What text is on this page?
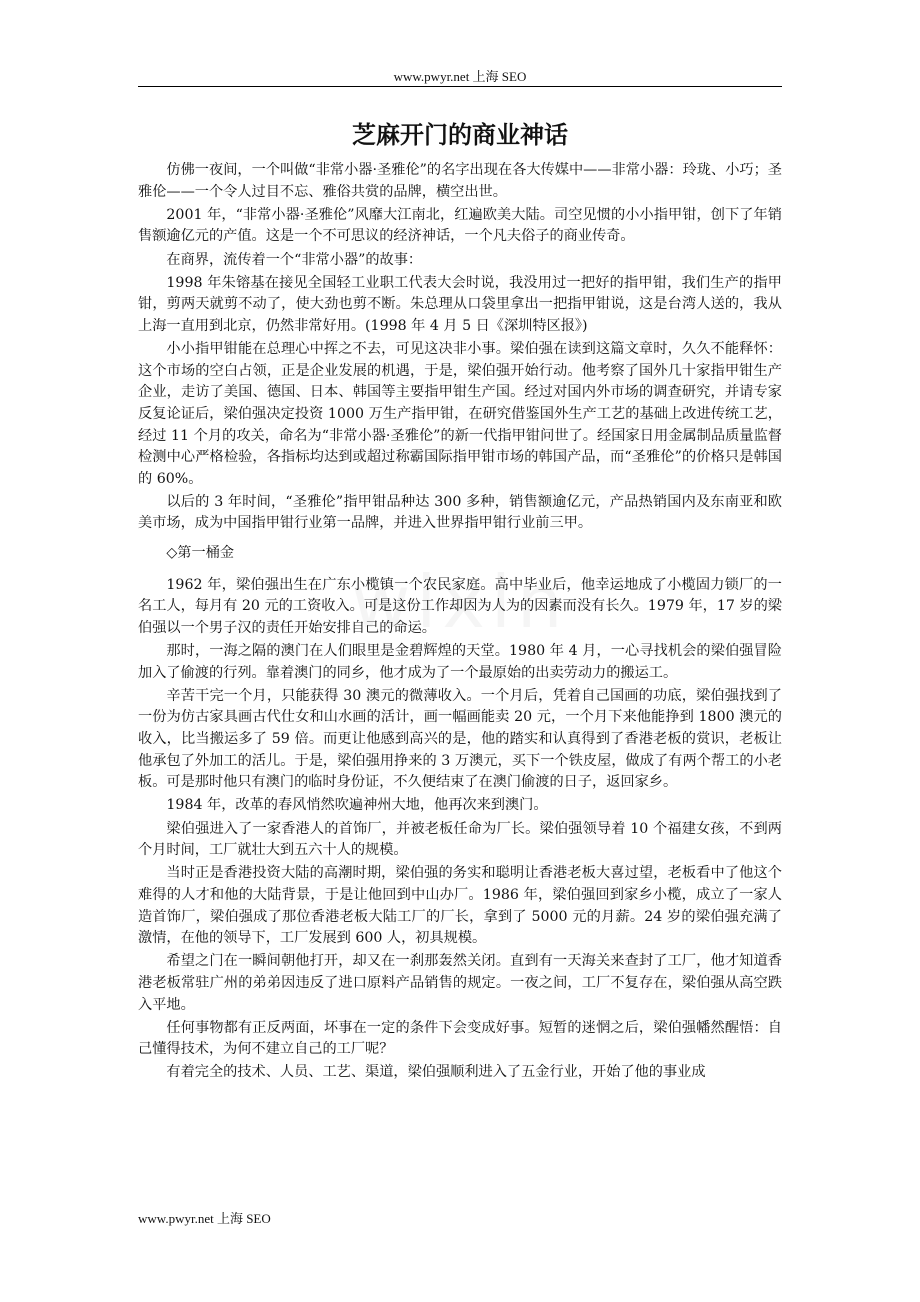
www.pwyr.net 上海 SEO
芝麻开门的商业神话

仿佛一夜间，一个叫做“非常小器·圣雅伦”的名字出现在各大传媒中——非常小器：玲珑、小巧；圣雅伦——一个令人过目不忘、雅俗共赏的品牌，横空出世。

2001 年，“非常小器·圣雅伦”风靡大江南北，红遍欧美大陆。司空见惯的小小指甲钳，创下了年销售额逾亿元的产值。这是一个不可思议的经济神话，一个凡夫俗子的商业传奇。

在商界，流传着一个“非常小器”的故事：

1998 年朱镕基在接见全国轻工业职工代表大会时说，我没用过一把好的指甲钳，我们生产的指甲钳，剪两天就剪不动了，使大劲也剪不断。朱总理从口袋里拿出一把指甲钳说，这是台湾人送的，我从上海一直用到北京，仍然非常好用。(1998 年 4 月 5 日《深圳特区报》)

小小指甲钳能在总理心中挥之不去，可见这决非小事。梁伯强在读到这篇文章时，久久不能释怀：这个市场的空白占领，正是企业发展的机遇，于是，梁伯强开始行动。他考察了国外几十家指甲钳生产企业，走访了美国、德国、日本、韩国等主要指甲钳生产国。经过对国内外市场的调查研究，并请专家反复论证后，梁伯强决定投资 1000 万生产指甲钳，在研究借鉴国外生产工艺的基础上改进传统工艺，经过 11 个月的攻关，命名为“非常小器·圣雅伦”的新一代指甲钳问世了。经国家日用金属制品质量监督检测中心严格检验，各指标均达到或超过称霸国际指甲钳市场的韩国产品，而“圣雅伦”的价格只是韩国的 60%。

以后的 3 年时间，“圣雅伦”指甲钳品种达 300 多种，销售额逾亿元，产品热销国内及东南亚和欧美市场，成为中国指甲钳行业第一品牌，并进入世界指甲钳行业前三甲。

◇第一桶金

1962 年，梁伯强出生在广东小榄镇一个农民家庭。高中毕业后，他幸运地成了小榄固力锁厂的一名工人，每月有 20 元的工资收入。可是这份工作却因为人为的因素而没有长久。1979 年，17 岁的梁伯强以一个男子汉的责任开始安排自己的命运。

那时，一海之隔的澳门在人们眼里是金碧辉煌的天堂。1980 年 4 月，一心寻找机会的梁伯强冒险加入了偷渡的行列。靠着澳门的同乡，他才成为了一个最原始的出卖劳动力的搬运工。

辛苦干完一个月，只能获得 30 澳元的微薄收入。一个月后，凭着自己国画的功底，梁伯强找到了一份为仿古家具画古代仕女和山水画的活计，画一幅画能卖 20 元，一个月下来他能挣到 1800 澳元的收入，比当搬运多了 59 倍。而更让他感到高兴的是，他的踏实和认真得到了香港老板的赏识，老板让他承包了外加工的活儿。于是，梁伯强用挣来的 3 万澳元，买下一个铁皮屋，做成了有两个帮工的小老板。可是那时他只有澳门的临时身份证，不久便结束了在澳门偷渡的日子，返回家乡。

1984 年，改革的春风悄然吹遍神州大地，他再次来到澳门。

梁伯强进入了一家香港人的首饰厂，并被老板任命为厂长。梁伯强领导着 10 个福建女孩，不到两个月时间，工厂就壮大到五六十人的规模。

当时正是香港投资大陆的高潮时期，梁伯强的务实和聪明让香港老板大喜过望，老板看中了他这个难得的人才和他的大陆背景，于是让他回到中山办厂。1986 年，梁伯强回到家乡小榄，成立了一家人造首饰厂，梁伯强成了那位香港老板大陆工厂的厂长，拿到了 5000 元的月薪。24 岁的梁伯强充满了激情，在他的领导下，工厂发展到 600 人，初具规模。

希望之门在一瞬间朝他打开，却又在一刹那轰然关闭。直到有一天海关来查封了工厂，他才知道香港老板常驻广州的弟弟因违反了进口原料产品销售的规定。一夜之间，工厂不复存在，梁伯强从高空跌入平地。

任何事物都有正反两面，坏事在一定的条件下会变成好事。短暂的迷惘之后，梁伯强幡然醒悟：自己懂得技术，为何不建立自己的工厂呢？

有着完全的技术、人员、工艺、渠道，梁伯强顺利进入了五金行业，开始了他的事业成

www.pwyr.net 上海 SEO
